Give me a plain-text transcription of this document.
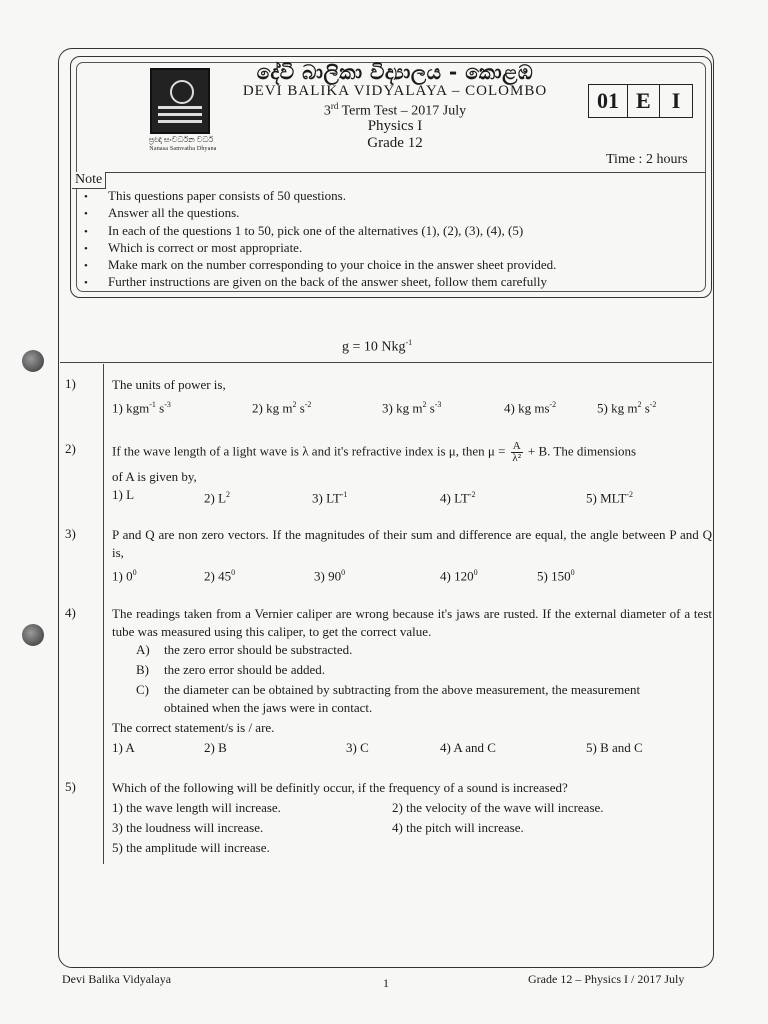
ප්‍රඥා සංවර්ධන වර්ධ
Nanasa Samvatha Dhyana
දේවි බාලිකා විද්‍යාලය - කොළඹ
DEVI BALIKA VIDYALAYA – COLOMBO
3rd Term Test – 2017 July
Physics I
Grade 12
01 E I
Time : 2 hours
Note
• This questions paper consists of 50 questions.
• Answer all the questions.
• In each of the questions 1 to 50, pick one of the alternatives (1), (2), (3), (4), (5)
• Which is correct or most appropriate.
• Make mark on the number corresponding to your choice in the answer sheet provided.
• Further instructions are given on the back of the answer sheet, follow them carefully
g = 10 Nkg$^{-1}$
1)	The units of power is,
1) kgm$^{-1}$ $s^{-3}$	2) kg $m^2$ $s^{-2}$	3) kg $m^2$ $s^{-3}$	4) kg $ms^{-2}$	5) kg $m^2$ $s^{-2}$
2)	If the wave length of a light wave is λ and it's refractive index is μ, then $\mu = \frac{A}{\text{λ²}} + B$. The dimensions
of A is given by,
1) L	2) $L^2$	3) $LT^{-1}$	4) $LT^{-2}$	5) $MLT^{-2}$
3)	P and Q are non zero vectors. If the magnitudes of their sum and difference are equal, the angle between P and Q is,
1) $0^0$	2) $45^0$	3) $90^0$	4) $120^0$	5) $150^0$
4)	The readings taken from a Vernier caliper are wrong because it's jaws are rusted. If the external diameter of a test tube was measured using this caliper, to get the correct value.
A) the zero error should be substracted.
B) the zero error should be added.
C) the diameter can be obtained by subtracting from the above measurement, the measurement
obtained when the jaws were in contact.
The correct statement/s is / are.
1) A	2) B	3) C	4) A and C	5) B and C
5)	Which of the following will be definitly occur, if the frequency of a sound is increased?
1) the wave length will increase.	2) the velocity of the wave will increase.
3) the loudness will increase.	4) the pitch will increase.
5) the amplitude will increase.
Devi Balika Vidyalaya	1	Grade 12 – Physics I / 2017 July
